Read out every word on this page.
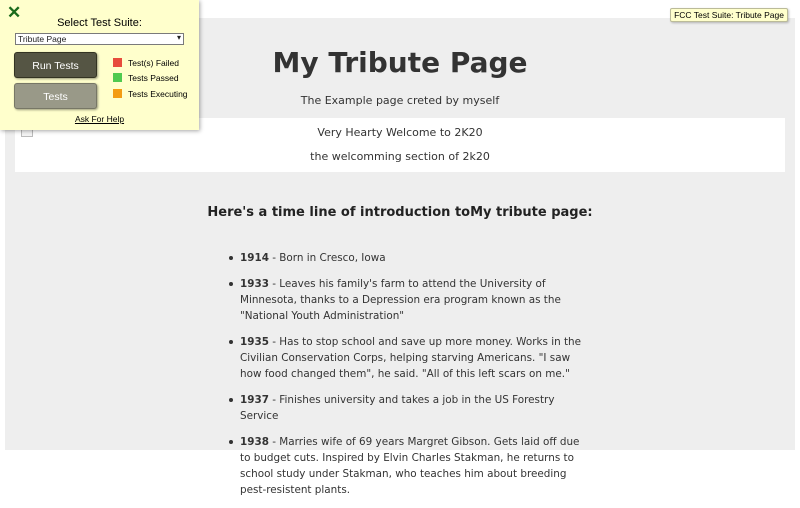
My Tribute Page
The Example page creted by myself
Very Hearty Welcome to 2K20
the welcomming section of 2k20
Here's a time line of introduction toMy tribute page:
1914 - Born in Cresco, Iowa
1933 - Leaves his family's farm to attend the University of Minnesota, thanks to a Depression era program known as the "National Youth Administration"
1935 - Has to stop school and save up more money. Works in the Civilian Conservation Corps, helping starving Americans. "I saw how food changed them", he said. "All of this left scars on me."
1937 - Finishes university and takes a job in the US Forestry Service
1938 - Marries wife of 69 years Margret Gibson. Gets laid off due to budget cuts. Inspired by Elvin Charles Stakman, he returns to school study under Stakman, who teaches him about breeding pest-resistent plants.
FCC Test Suite: Tribute Page
✕
Select Test Suite:
Tribute Page	▾
Run Tests
Tests
Test(s) Failed
Tests Passed
Tests Executing
Ask For Help
